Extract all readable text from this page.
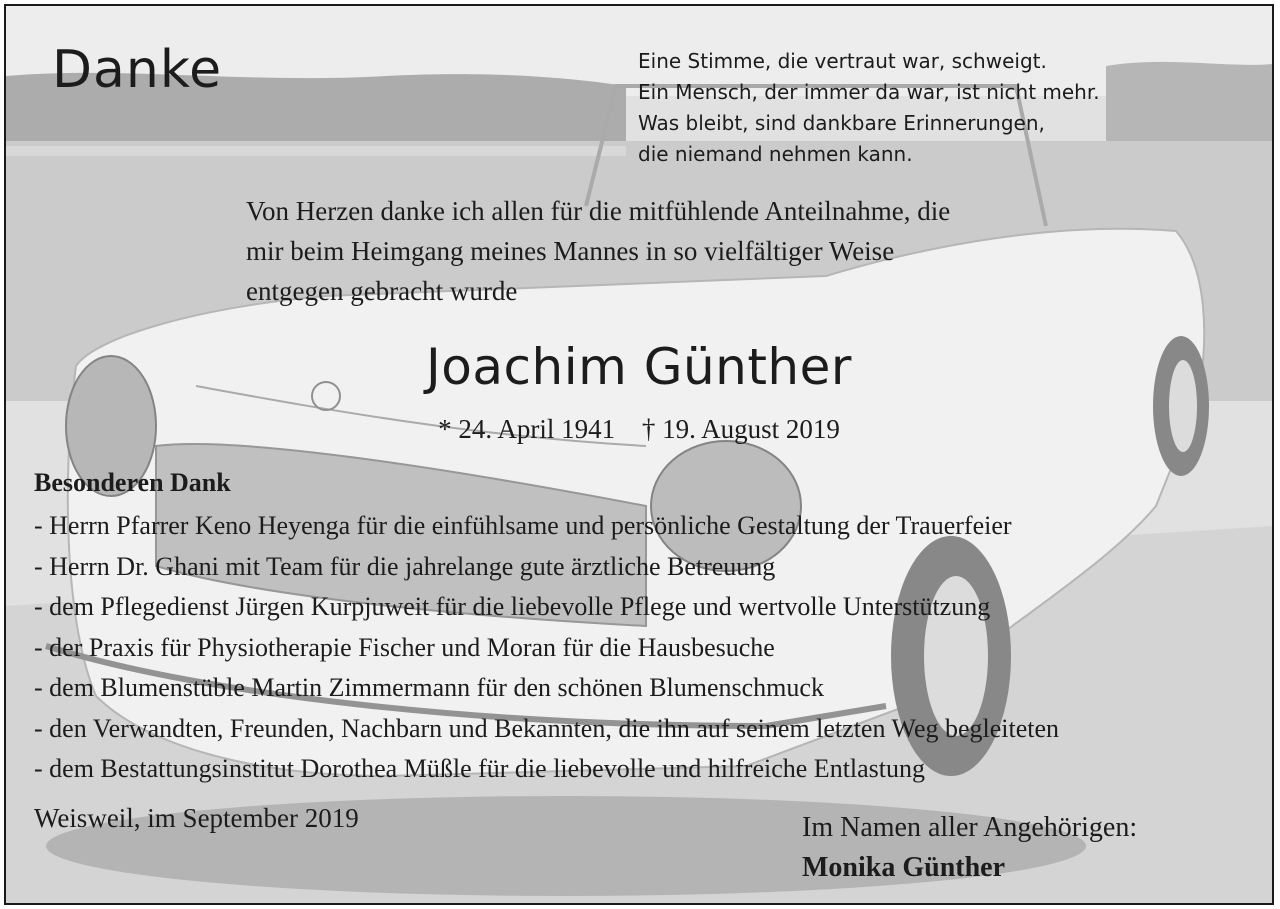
Danke	Eine Stimme, die vertraut war, schweigt.
Ein Mensch, der immer da war, ist nicht mehr.
Was bleibt, sind dankbare Erinnerungen,
die niemand nehmen kann.
Von Herzen danke ich allen für die mitfühlende Anteilnahme, die
mir beim Heimgang meines Mannes in so vielfältiger Weise
entgegen gebracht wurde
Joachim Günther
* 24. April 1941 † 19. August 2019
Besonderen Dank
- Herrn Pfarrer Keno Heyenga für die einfühlsame und persönliche Gestaltung der Trauerfeier
- Herrn Dr. Ghani mit Team für die jahrelange gute ärztliche Betreuung
- dem Pflegedienst Jürgen Kurpjuweit für die liebevolle Pflege und wertvolle Unterstützung
- der Praxis für Physiotherapie Fischer und Moran für die Hausbesuche
- dem Blumenstüble Martin Zimmermann für den schönen Blumenschmuck
- den Verwandten, Freunden, Nachbarn und Bekannten, die ihn auf seinem letzten Weg begleiteten
- dem Bestattungsinstitut Dorothea Müßle für die liebevolle und hilfreiche Entlastung
Weisweil, im September 2019	Im Namen aller Angehörigen:
Monika Günther
